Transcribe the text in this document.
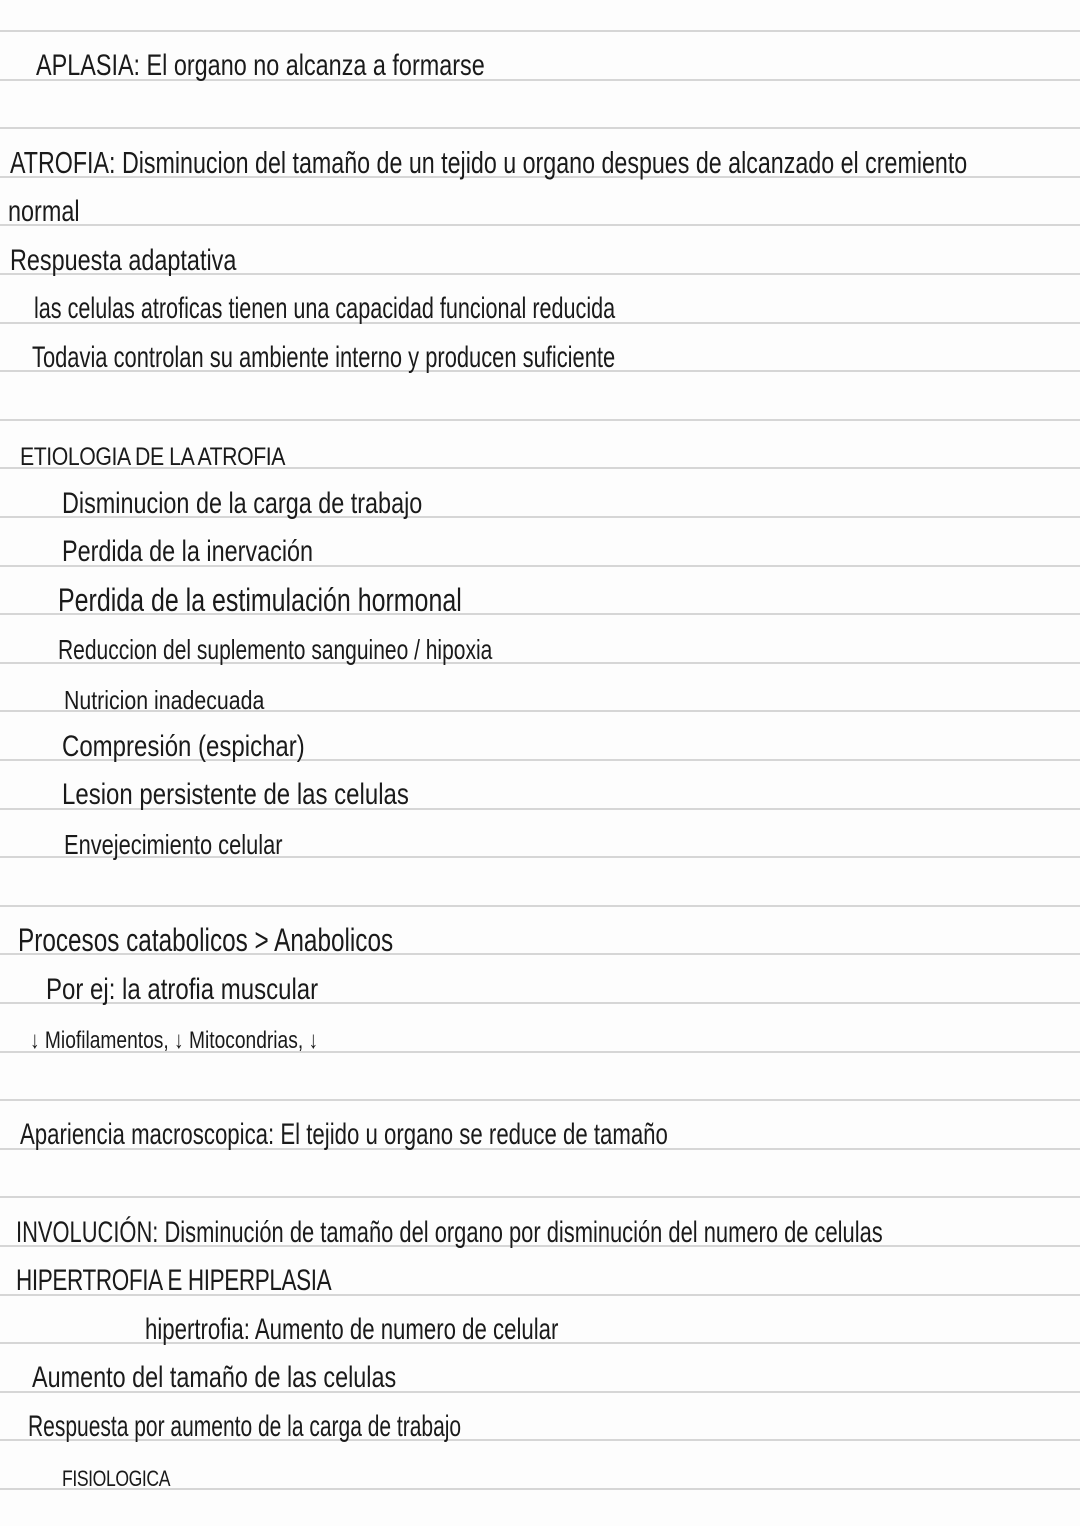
APLASIA: El organo no alcanza a formarse
ATROFIA: Disminucion del tamaño de un tejido u organo despues de alcanzado el cremiento
normal
Respuesta adaptativa
las celulas atroficas tienen una capacidad funcional reducida
Todavia controlan su ambiente interno y producen suficiente
ETIOLOGIA DE LA ATROFIA
Disminucion de la carga de trabajo
Perdida de la inervación
Perdida de la estimulación hormonal
Reduccion del suplemento sanguineo / hipoxia
Nutricion inadecuada
Compresión (espichar)
Lesion persistente de las celulas
Envejecimiento celular
Procesos catabolicos > Anabolicos
Por ej: la atrofia muscular
↓ Miofilamentos, ↓ Mitocondrias, ↓
Apariencia macroscopica: El tejido u organo se reduce de tamaño
INVOLUCIÓN: Disminución de tamaño del organo por disminución del numero de celulas
HIPERTROFIA E HIPERPLASIA
hipertrofia: Aumento de numero de celular
Aumento del tamaño de las celulas
Respuesta por aumento de la carga de trabajo
FISIOLOGICA
